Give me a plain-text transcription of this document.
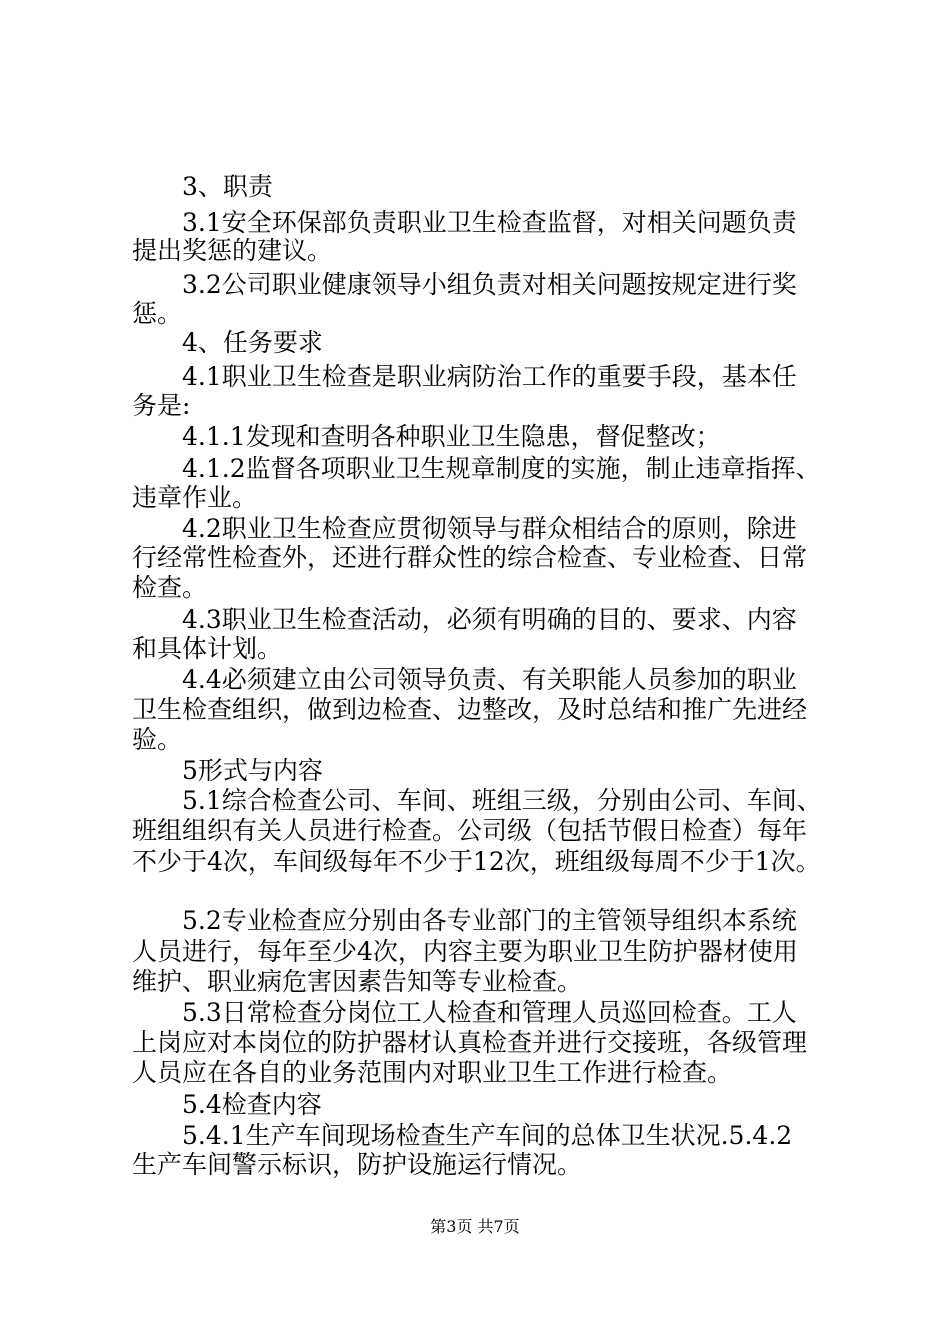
　　3、职责
　　3.1安全环保部负责职业卫生检查监督，对相关问题负责
提出奖惩的建议。
　　3.2公司职业健康领导小组负责对相关问题按规定进行奖
惩。
　　4、任务要求
　　4.1职业卫生检查是职业病防治工作的重要手段，基本任
务是:
　　4.1.1发现和查明各种职业卫生隐患，督促整改；
　　4.1.2监督各项职业卫生规章制度的实施，制止违章指挥、
违章作业。
　　4.2职业卫生检查应贯彻领导与群众相结合的原则，除进
行经常性检查外，还进行群众性的综合检查、专业检查、日常
检查。
　　4.3职业卫生检查活动，必须有明确的目的、要求、内容
和具体计划。
　　4.4必须建立由公司领导负责、有关职能人员参加的职业
卫生检查组织，做到边检查、边整改，及时总结和推广先进经
验。
　　5形式与内容
　　5.1综合检查公司、车间、班组三级，分别由公司、车间、
班组组织有关人员进行检查。公司级（包括节假日检查）每年
不少于4次，车间级每年不少于12次，班组级每周不少于1次。
　　5.2专业检查应分别由各专业部门的主管领导组织本系统
人员进行，每年至少4次，内容主要为职业卫生防护器材使用
维护、职业病危害因素告知等专业检查。
　　5.3日常检查分岗位工人检查和管理人员巡回检查。工人
上岗应对本岗位的防护器材认真检查并进行交接班，各级管理
人员应在各自的业务范围内对职业卫生工作进行检查。
　　5.4检查内容
　　5.4.1生产车间现场检查生产车间的总体卫生状况.5.4.2
生产车间警示标识，防护设施运行情况。
第3页 共7页
